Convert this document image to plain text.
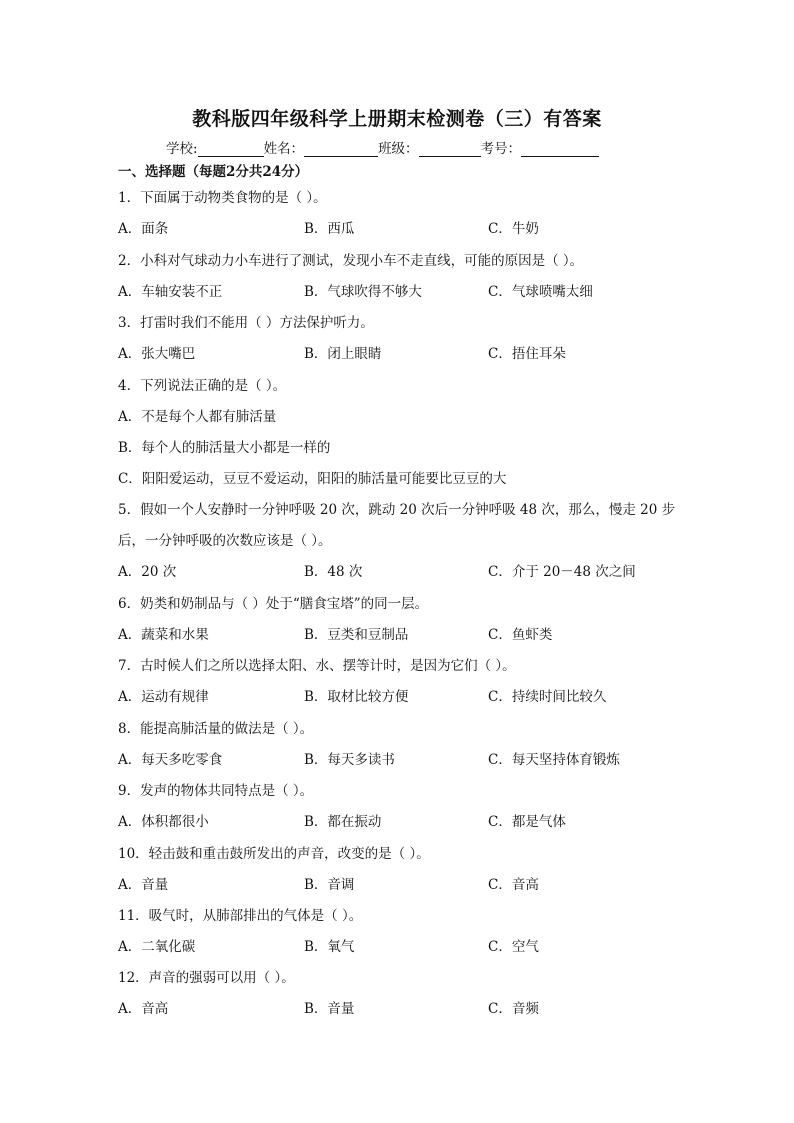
教科版四年级科学上册期末检测卷（三）有答案
学校:	姓名：	班级：	考号：
一、选择题（每题2分共24分）
1．下面属于动物类食物的是（ ）。
A．面条	B．西瓜	C．牛奶
2．小科对气球动力小车进行了测试，发现小车不走直线，可能的原因是（ ）。
A．车轴安装不正	B．气球吹得不够大	C．气球喷嘴太细
3．打雷时我们不能用（ ）方法保护听力。
A．张大嘴巴	B．闭上眼睛	C．捂住耳朵
4．下列说法正确的是（ ）。
A．不是每个人都有肺活量
B．每个人的肺活量大小都是一样的
C．阳阳爱运动，豆豆不爱运动，阳阳的肺活量可能要比豆豆的大
5．假如一个人安静时一分钟呼吸 20 次，跳动 20 次后一分钟呼吸 48 次，那么，慢走 20 步
后，一分钟呼吸的次数应该是（ ）。
A．20 次	B．48 次	C．介于 20－48 次之间
6．奶类和奶制品与（ ）处于“膳食宝塔”的同一层。
A．蔬菜和水果	B．豆类和豆制品	C．鱼虾类
7．古时候人们之所以选择太阳、水、摆等计时，是因为它们（ ）。
A．运动有规律	B．取材比较方便	C．持续时间比较久
8．能提高肺活量的做法是（ ）。
A．每天多吃零食	B．每天多读书	C．每天坚持体育锻炼
9．发声的物体共同特点是（ ）。
A．体积都很小	B．都在振动	C．都是气体
10．轻击鼓和重击鼓所发出的声音，改变的是（ ）。
A．音量	B．音调	C．音高
11．吸气时，从肺部排出的气体是（ ）。
A．二氧化碳	B．氧气	C．空气
12．声音的强弱可以用（ ）。
A．音高	B．音量	C．音频
